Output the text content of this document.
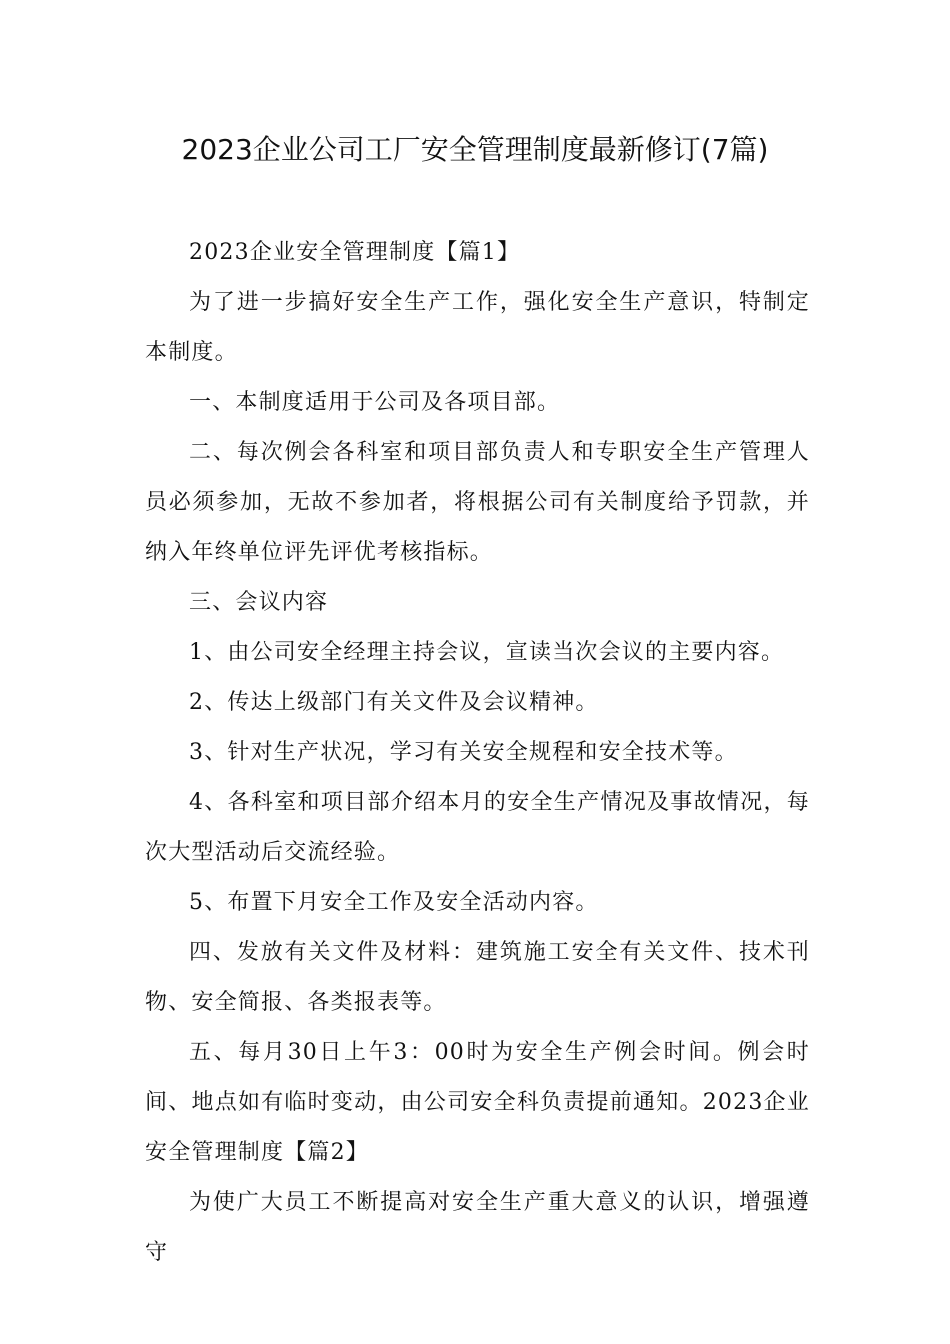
2023企业公司工厂安全管理制度最新修订(7篇)

2023企业安全管理制度【篇1】

为了进一步搞好安全生产工作，强化安全生产意识，特制定本制度。

一、本制度适用于公司及各项目部。

二、每次例会各科室和项目部负责人和专职安全生产管理人员必须参加，无故不参加者，将根据公司有关制度给予罚款，并纳入年终单位评先评优考核指标。

三、会议内容

1、由公司安全经理主持会议，宣读当次会议的主要内容。

2、传达上级部门有关文件及会议精神。

3、针对生产状况，学习有关安全规程和安全技术等。

4、各科室和项目部介绍本月的安全生产情况及事故情况，每次大型活动后交流经验。

5、布置下月安全工作及安全活动内容。

四、发放有关文件及材料：建筑施工安全有关文件、技术刊物、安全简报、各类报表等。

五、每月30日上午3：00时为安全生产例会时间。例会时间、地点如有临时变动，由公司安全科负责提前通知。2023企业安全管理制度【篇2】

为使广大员工不断提高对安全生产重大意义的认识，增强遵守
